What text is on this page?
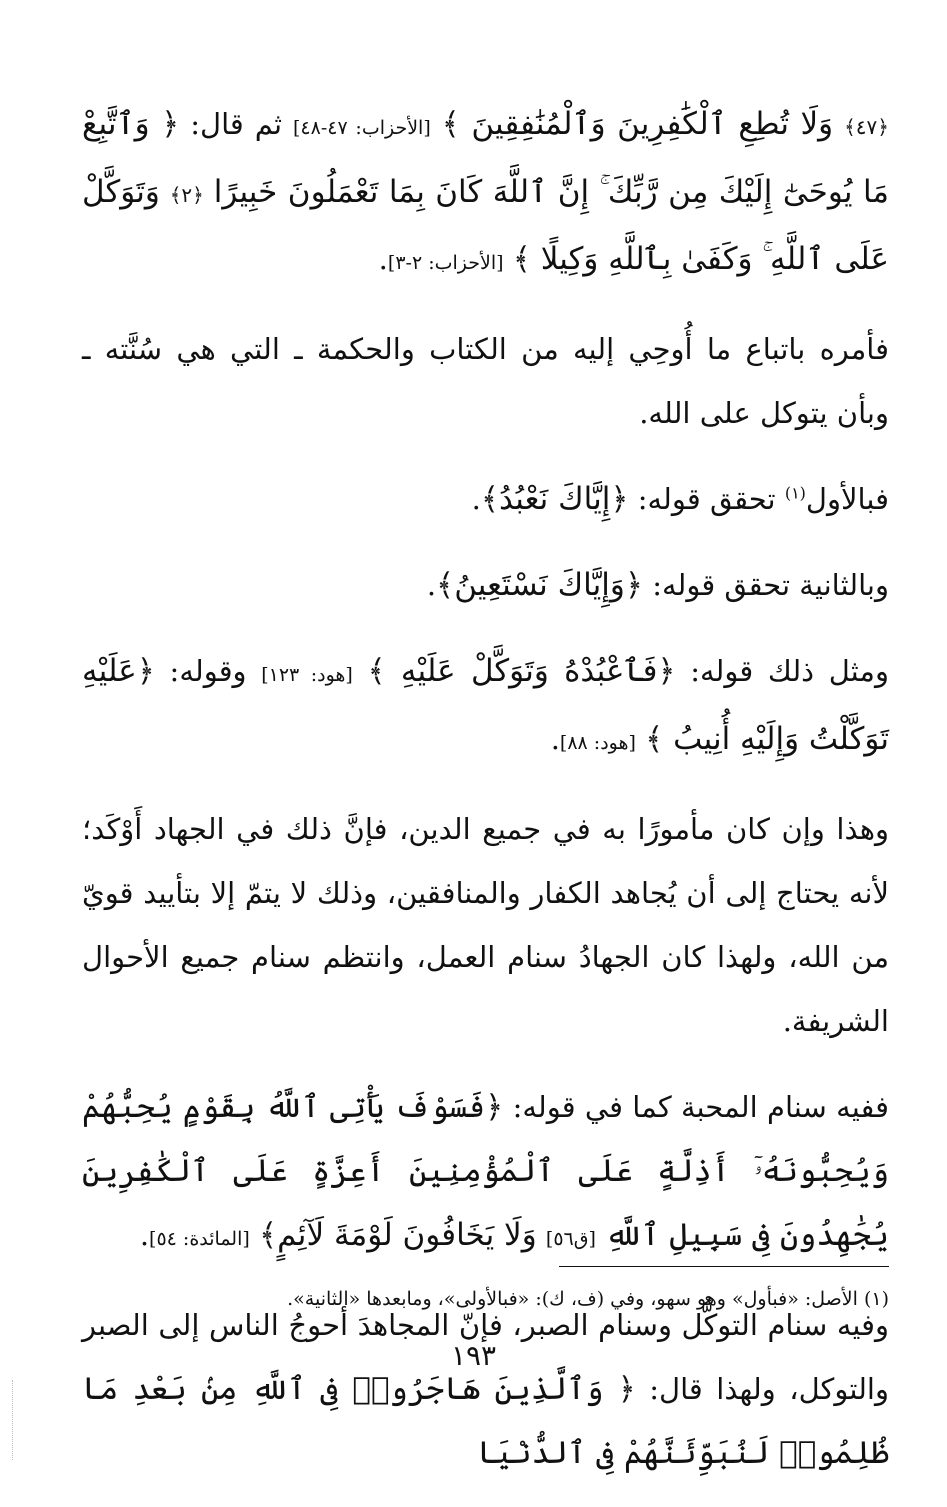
﴿٤٧﴾ وَلَا تُطِعِ ٱلْكَٰفِرِينَ وَٱلْمُنَٰفِقِينَ ﴾ [الأحزاب: ٤٧-٤٨] ثم قال: ﴿ وَٱتَّبِعْ مَا يُوحَىٰٓ إِلَيْكَ مِن رَّبِّكَ ۚ إِنَّ ٱللَّهَ كَانَ بِمَا تَعْمَلُونَ خَبِيرًا ﴿٢﴾ وَتَوَكَّلْ عَلَى ٱللَّهِ ۚ وَكَفَىٰ بِٱللَّهِ وَكِيلًا ﴾ [الأحزاب: ٢-٣].

فأمره باتباع ما أُوحِي إليه من الكتاب والحكمة ـ التي هي سُنَّته ـ وبأن يتوكل على الله.

فبالأول$^{(١)}$ تحقق قوله: ﴿إِيَّاكَ نَعْبُدُ﴾.

وبالثانية تحقق قوله: ﴿وَإِيَّاكَ نَسْتَعِينُ﴾.

ومثل ذلك قوله: ﴿فَٱعْبُدْهُ وَتَوَكَّلْ عَلَيْهِ ﴾ [هود: ١٢٣] وقوله: ﴿عَلَيْهِ تَوَكَّلْتُ وَإِلَيْهِ أُنِيبُ ﴾ [هود: ٨٨].

وهذا وإن كان مأمورًا به في جميع الدين، فإنَّ ذلك في الجهاد أَوْكَد؛ لأنه يحتاج إلى أن يُجاهد الكفار والمنافقين، وذلك لا يتمّ إلا بتأييد قويّ من الله، ولهذا كان الجهادُ سنام العمل، وانتظم سنام جميع الأحوال الشريفة.

ففيه سنام المحبة كما في قوله: ﴿فَسَوْفَ يَأْتِى ٱللَّهُ بِقَوْمٍ يُحِبُّهُمْ وَيُحِبُّونَهُۥٓ أَذِلَّةٍ عَلَى ٱلْمُؤْمِنِينَ أَعِزَّةٍ عَلَى ٱلْكَٰفِرِينَ يُجَٰهِدُونَ فِى سَبِيلِ ٱللَّهِ [ق٥٦] وَلَا يَخَافُونَ لَوْمَةَ لَآئِمٍ﴾ [المائدة: ٥٤].

وفيه سنام التوكُّل وسنام الصبر، فإنّ المجاهدَ أحوجُ الناس إلى الصبر والتوكل، ولهذا قال: ﴿ وَٱلَّذِينَ هَاجَرُوا۟ فِى ٱللَّهِ مِنۢ بَعْدِ مَا ظُلِمُوا۟ لَنُبَوِّئَنَّهُمْ فِى ٱلدُّنْيَا

(١) الأصل: «فبأول» وهو سهو، وفي (ف، ك): «فبالأولى»، ومابعدها «الثانية».
١٩٣
